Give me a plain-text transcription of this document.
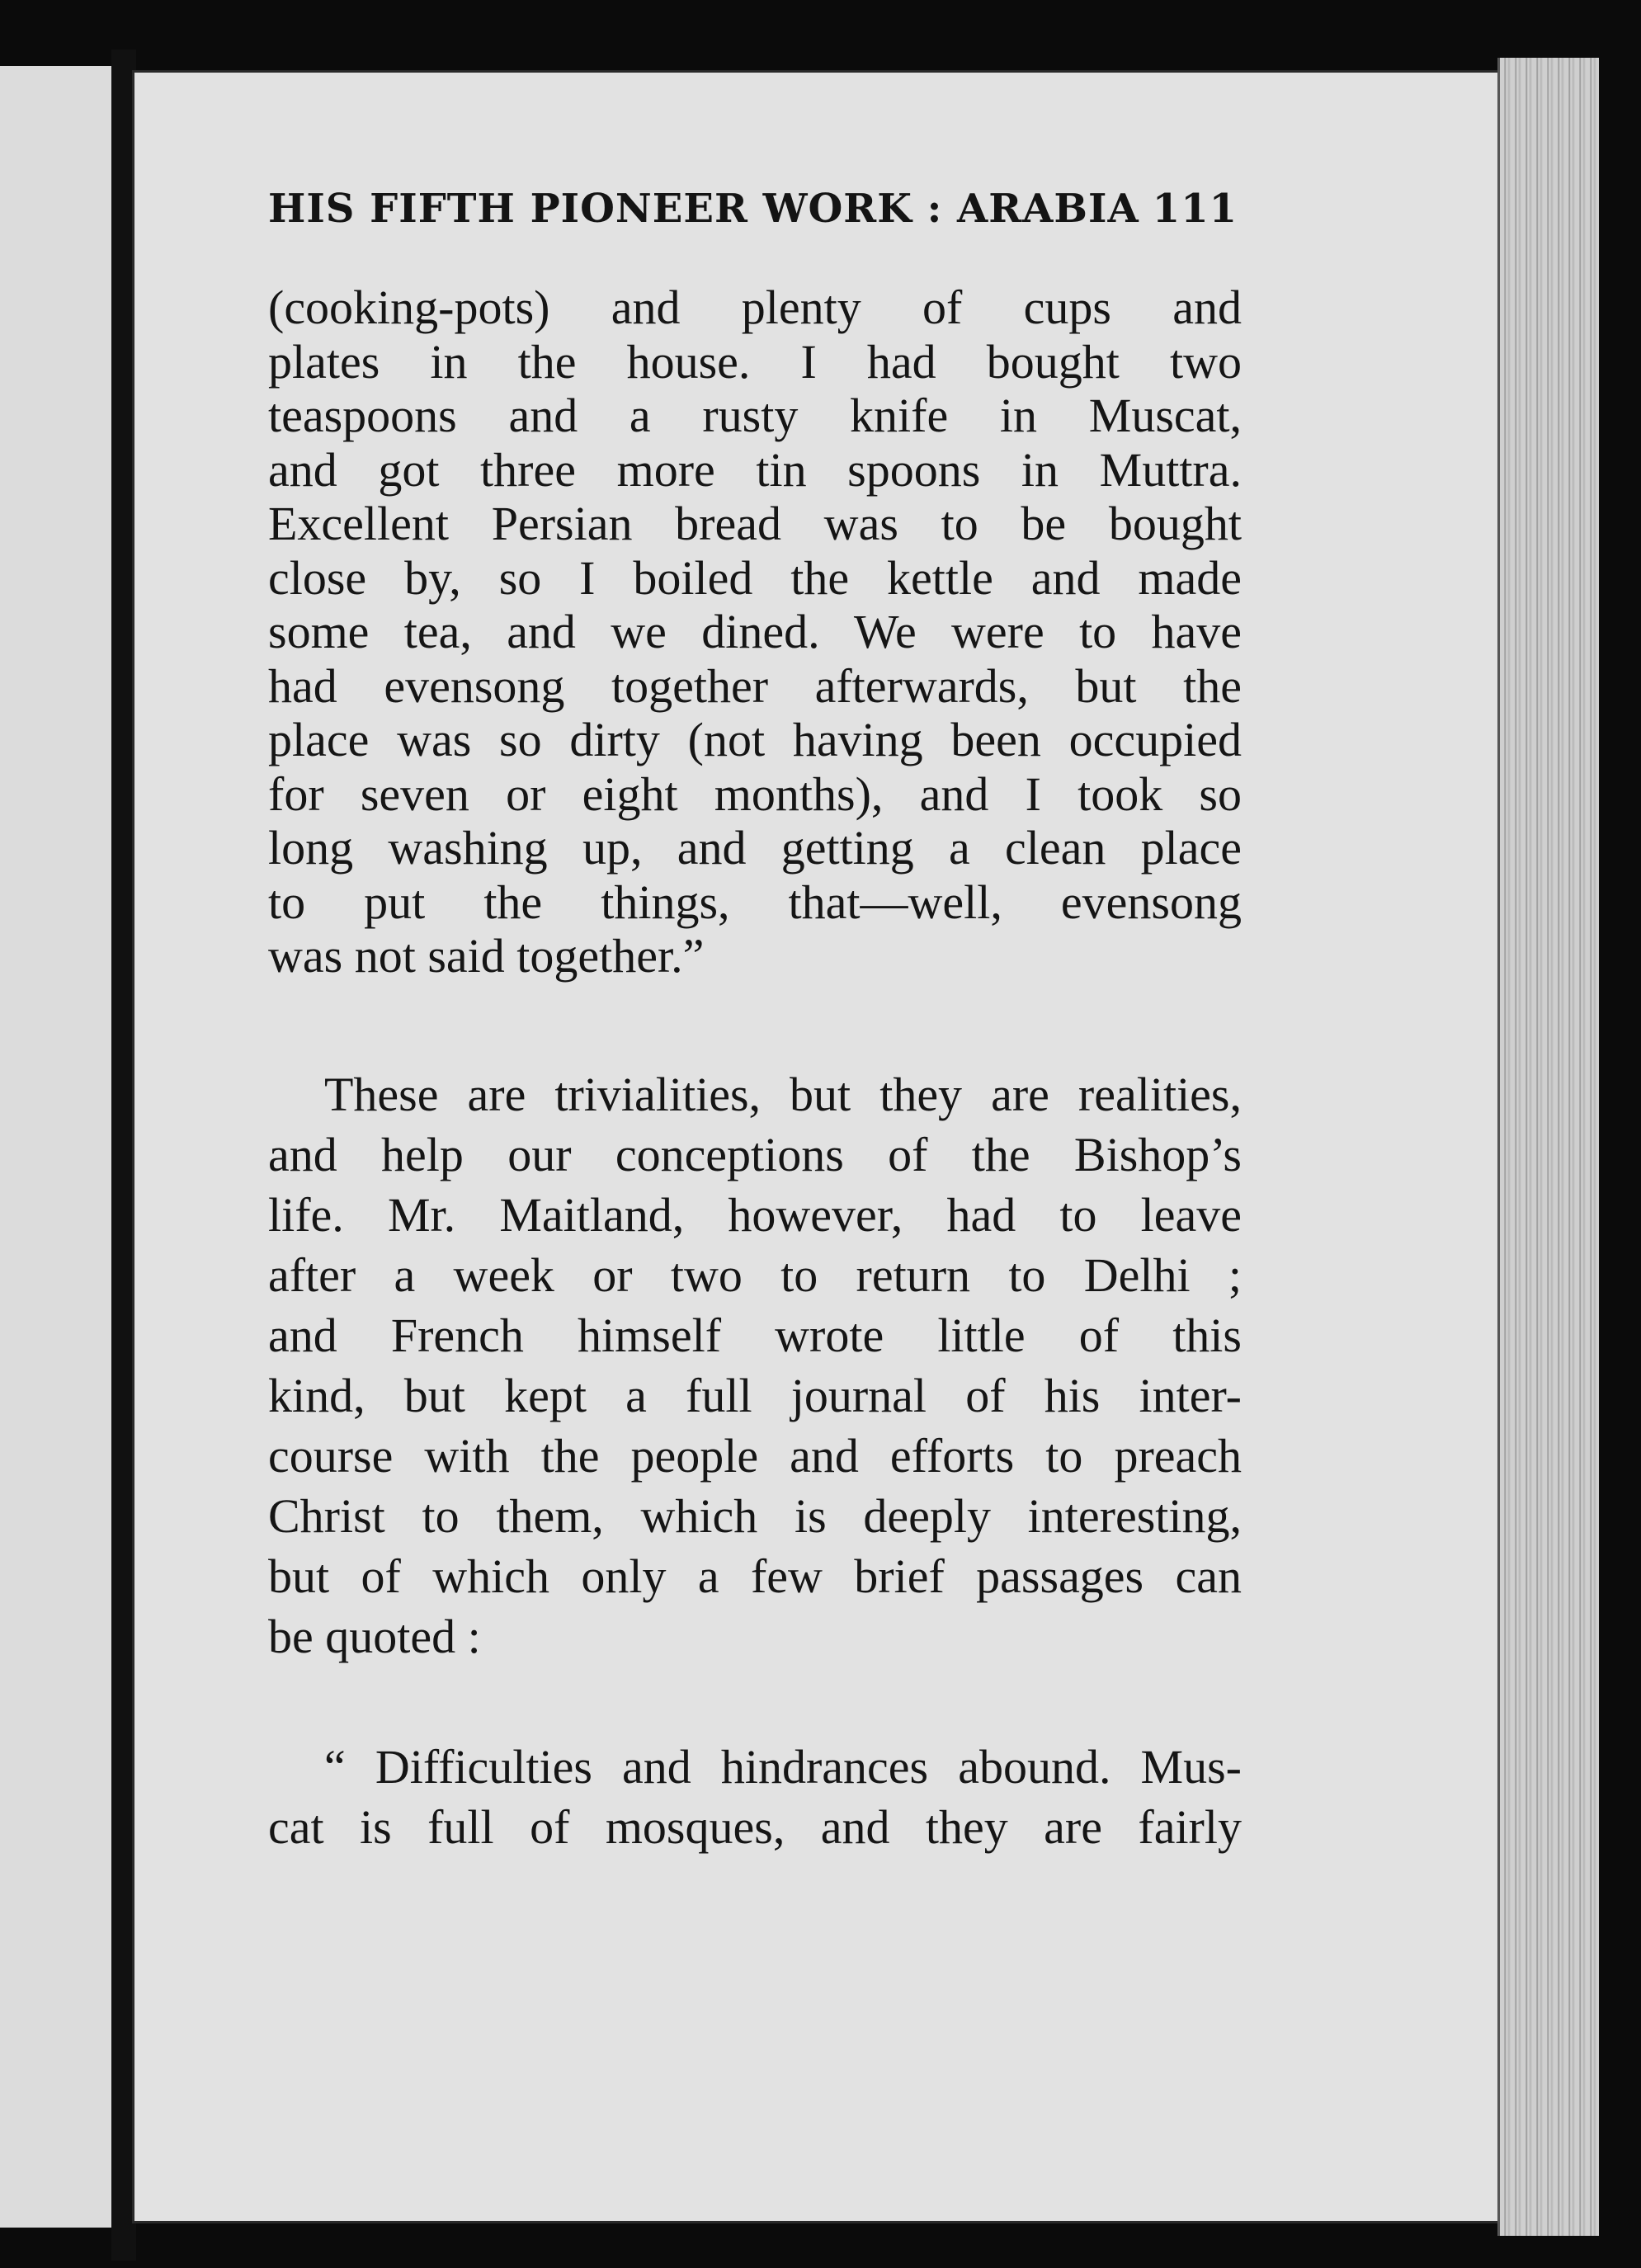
HIS FIFTH PIONEER WORK : ARABIA 111
(cooking-pots) and plenty of cups and
plates in the house. I had bought two
teaspoons and a rusty knife in Muscat,
and got three more tin spoons in Muttra.
Excellent Persian bread was to be bought
close by, so I boiled the kettle and made
some tea, and we dined. We were to have
had evensong together afterwards, but the
place was so dirty (not having been occupied
for seven or eight months), and I took so
long washing up, and getting a clean place
to put the things, that—well, evensong
was not said together.”
These are trivialities, but they are realities,
and help our conceptions of the Bishop’s
life. Mr. Maitland, however, had to leave
after a week or two to return to Delhi ;
and French himself wrote little of this
kind, but kept a full journal of his inter-
course with the people and efforts to preach
Christ to them, which is deeply interesting,
but of which only a few brief passages can
be quoted :
“ Difficulties and hindrances abound. Mus-
cat is full of mosques, and they are fairly
